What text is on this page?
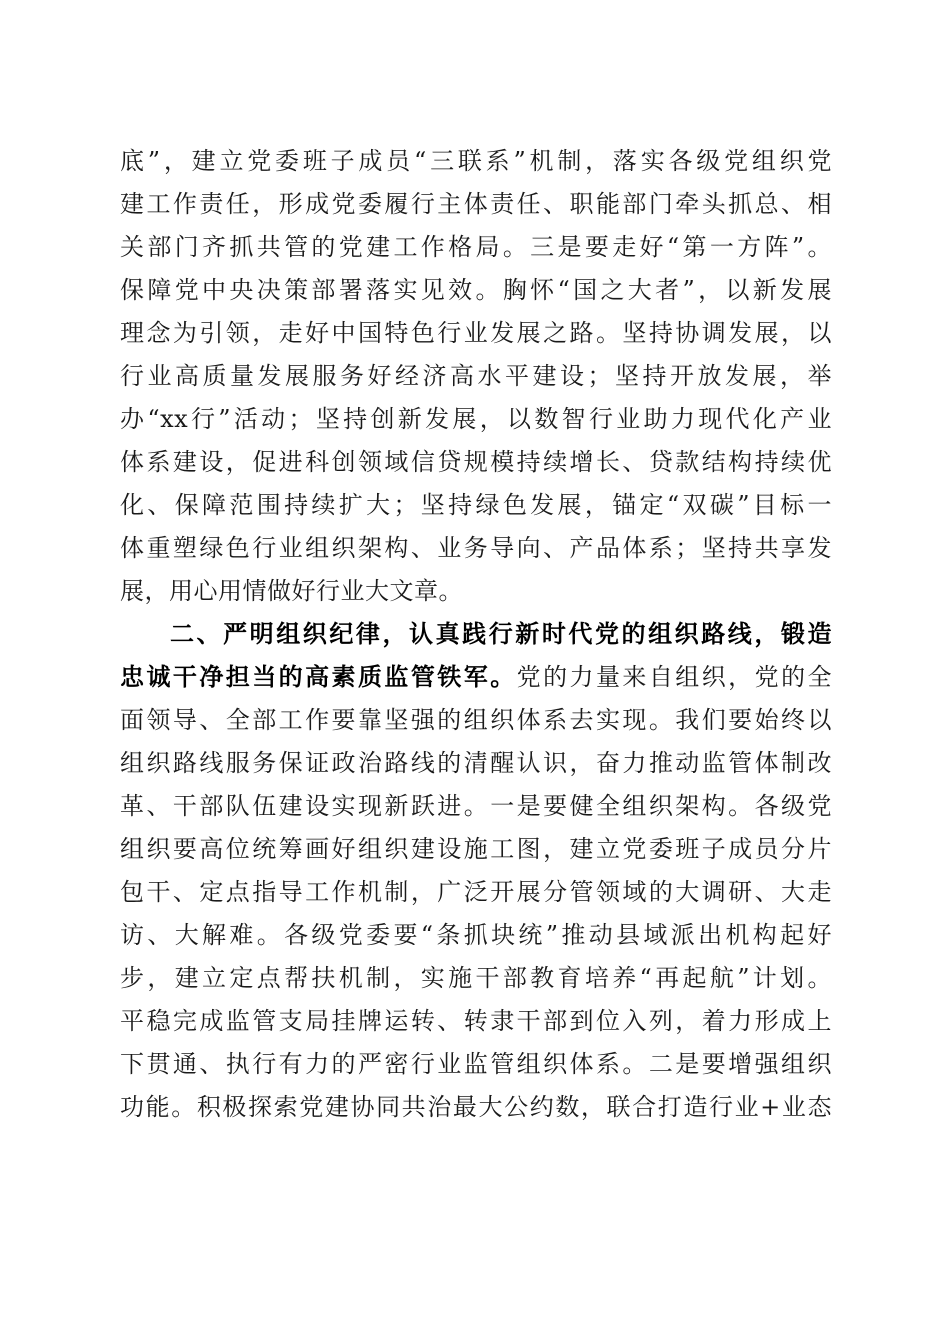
底”，建立党委班子成员“三联系”机制，落实各级党组织党
建工作责任，形成党委履行主体责任、职能部门牵头抓总、相
关部门齐抓共管的党建工作格局。三是要走好“第一方阵”。
保障党中央决策部署落实见效。胸怀“国之大者”，以新发展
理念为引领，走好中国特色行业发展之路。坚持协调发展，以
行业高质量发展服务好经济高水平建设；坚持开放发展，举
办“xx行”活动；坚持创新发展，以数智行业助力现代化产业
体系建设，促进科创领域信贷规模持续增长、贷款结构持续优
化、保障范围持续扩大；坚持绿色发展，锚定“双碳”目标一
体重塑绿色行业组织架构、业务导向、产品体系；坚持共享发
展，用心用情做好行业大文章。
二、严明组织纪律，认真践行新时代党的组织路线，锻造
忠诚干净担当的高素质监管铁军。党的力量来自组织，党的全
面领导、全部工作要靠坚强的组织体系去实现。我们要始终以
组织路线服务保证政治路线的清醒认识，奋力推动监管体制改
革、干部队伍建设实现新跃进。一是要健全组织架构。各级党
组织要高位统筹画好组织建设施工图，建立党委班子成员分片
包干、定点指导工作机制，广泛开展分管领域的大调研、大走
访、大解难。各级党委要“条抓块统”推动县域派出机构起好
步，建立定点帮扶机制，实施干部教育培养“再起航”计划。
平稳完成监管支局挂牌运转、转隶干部到位入列，着力形成上
下贯通、执行有力的严密行业监管组织体系。二是要增强组织
功能。积极探索党建协同共治最大公约数，联合打造行业+业态
